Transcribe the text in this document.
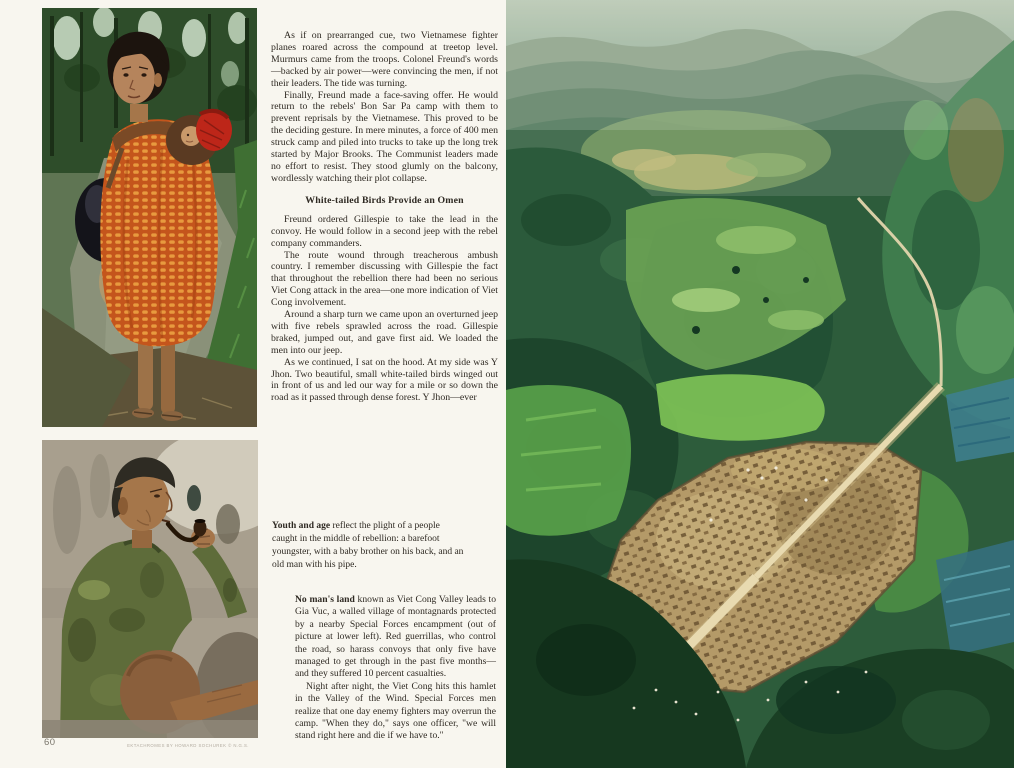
As if on prearranged cue, two Vietnamese fighter planes roared across the compound at treetop level. Murmurs came from the troops. Colonel Freund's words—backed by air power—were convincing the men, if not their leaders. The tide was turning.

Finally, Freund made a face-saving offer. He would return to the rebels' Bon Sar Pa camp with them to prevent reprisals by the Vietnamese. This proved to be the deciding gesture. In mere minutes, a force of 400 men struck camp and piled into trucks to take up the long trek started by Major Brooks. The Communist leaders made no effort to resist. They stood glumly on the balcony, wordlessly watching their plot collapse.

White-tailed Birds Provide an Omen

Freund ordered Gillespie to take the lead in the convoy. He would follow in a second jeep with the rebel company commanders.

The route wound through treacherous ambush country. I remember discussing with Gillespie the fact that throughout the rebellion there had been no serious Viet Cong attack in the area—one more indication of Viet Cong involvement.

Around a sharp turn we came upon an overturned jeep with five rebels sprawled across the road. Gillespie braked, jumped out, and gave first aid. We loaded the men into our jeep.

As we continued, I sat on the hood. At my side was Y Jhon. Two beautiful, small white-tailed birds winged out in front of us and led our way for a mile or so down the road as it passed through dense forest. Y Jhon—ever

Youth and age reflect the plight of a people caught in the middle of rebellion: a barefoot youngster, with a baby brother on his back, and an old man with his pipe.

No man's land known as Viet Cong Valley leads to Gia Vuc, a walled village of montagnards protected by a nearby Special Forces encampment (out of picture at lower left). Red guerrillas, who control the road, so harass convoys that only five have managed to get through in the past five months—and they suffered 10 percent casualties.

Night after night, the Viet Cong hits this hamlet in the Valley of the Wind. Special Forces men realize that one day enemy fighters may overrun the camp. "When they do," says one officer, "we will stand right here and die if we have to."

60	EKTACHROMES BY HOWARD SOCHUREK © N.G.S.
